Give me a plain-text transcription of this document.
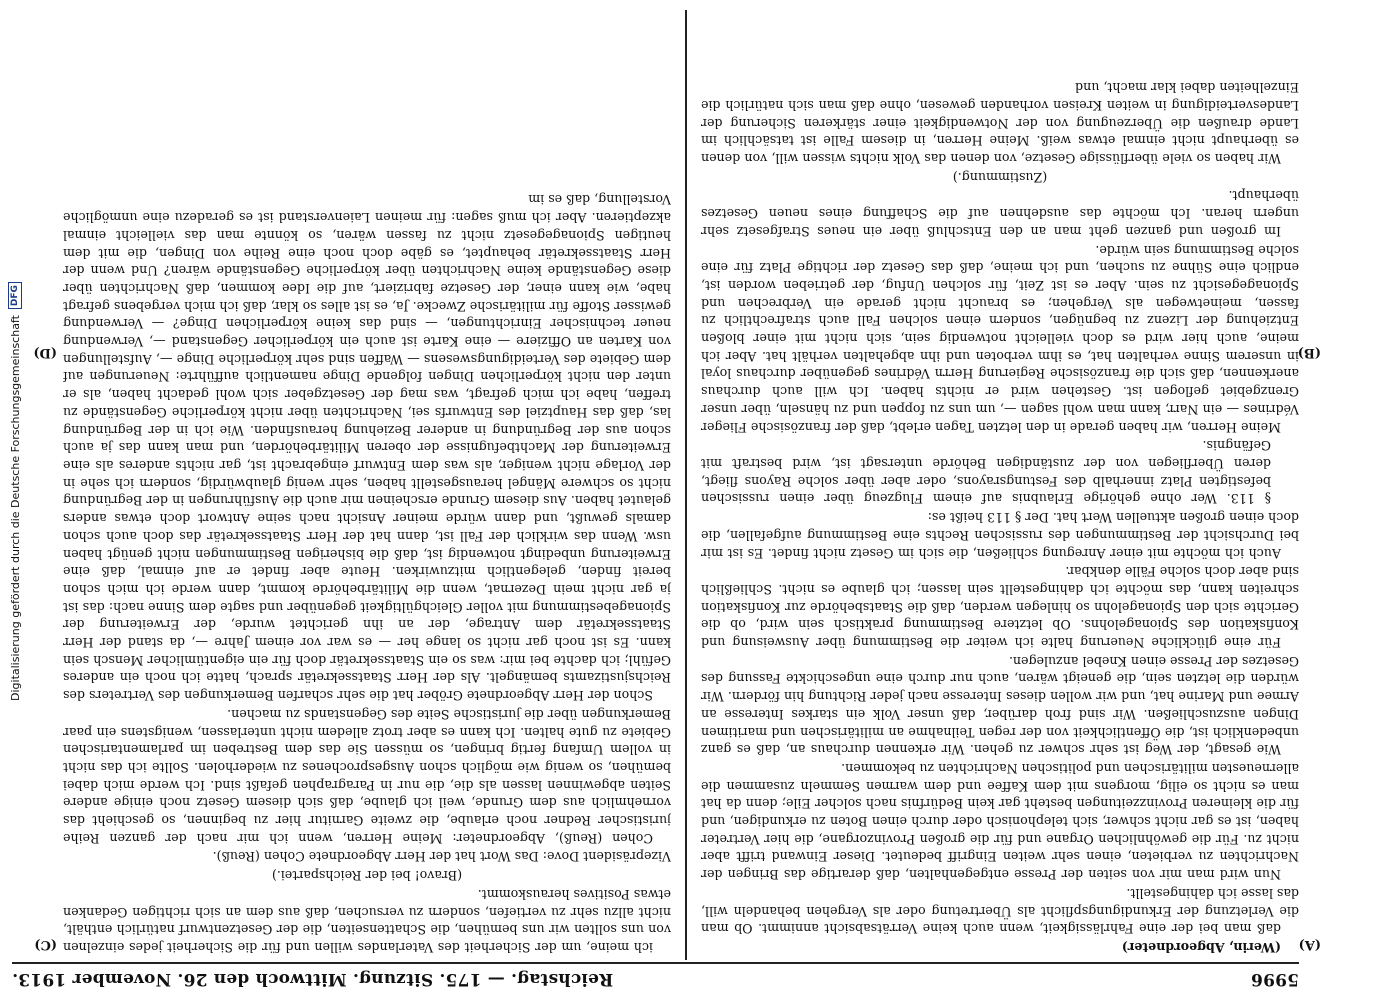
5996
Reichstag. — 175. Sitzung. Mittwoch den 26. November 1913.
(A)
(B)
(C)
(D)

(Werin, Abgeordneter)

daß man bei der eine Fahrlässigkeit, wenn auch keine Verrätsabsicht annimmt. Ob man die Verletzung der Erkundigungspflicht als Übertretung oder als Vergehen behandeln will, das lasse ich dahingestellt.

Nun wird man mir von seiten der Presse entgegenhalten, daß derartige das Bringen der Nachrichten zu verbieten, einen sehr weiten Eingriff bedeutet. Dieser Einwand trifft aber nicht zu. Für die gewöhnlichen Organe und für die großen Provinzorgane, die hier Vertreter haben, ist es gar nicht schwer, sich telephonisch oder durch einen Boten zu erkundigen, und für die kleineren Provinzzeitungen besteht gar kein Bedürfnis nach solcher Eile; denn da hat man es nicht so eilig, morgens mit dem Kaffee und dem warmen Semmeln zusammen die allerneuesten militärischen und politischen Nachrichten zu bekommen.

Wie gesagt, der Weg ist sehr schwer zu gehen. Wir erkennen durchaus an, daß es ganz unbedenklich ist, die Öffentlichkeit von der regen Teilnahme an militärischen und maritimen Dingen auszuschließen. Wir sind froh darüber, daß unser Volk ein starkes Interesse an Armee und Marine hat, und wir wollen dieses Interesse nach jeder Richtung hin fördern. Wir würden die letzten sein, die geneigt wären, auch nur durch eine ungeschickte Fassung des Gesetzes der Presse einen Knebel anzulegen.

Für eine glückliche Neuerung halte ich weiter die Bestimmung über Ausweisung und Konfiskation des Spionagelohns. Ob letztere Bestimmung praktisch sein wird, ob die Gerichte sich den Spionagelohn so hinlegen werden, daß die Staatsbehörde zur Konfiskation schreiten kann, das möchte ich dahingestellt sein lassen; ich glaube es nicht. Schließlich sind aber doch solche Fälle denkbar.

Auch ich möchte mit einer Anregung schließen, die sich im Gesetz nicht findet. Es ist mir bei Durchsicht der Bestimmungen des russischen Rechts eine Bestimmung aufgefallen, die doch einen großen aktuellen Wert hat. Der § 113 heißt es:

§ 113. Wer ohne gehörige Erlaubnis auf einem Flugzeug über einen russischen befestigten Platz innerhalb des Festungsrayons, oder aber über solche Rayons fliegt, deren Überfliegen von der zuständigen Behörde untersagt ist, wird bestraft mit Gefängnis.

Meine Herren, wir haben gerade in den letzten Tagen erlebt, daß der französische Flieger Védrines — ein Narr, kann man wohl sagen —, um uns zu foppen und zu hänseln, über unser Grenzgebiet geflogen ist. Gestehen wird er nichts haben. Ich will auch durchaus anerkennen, daß sich die französische Regierung Herrn Védrines gegenüber durchaus loyal in unserem Sinne verhalten hat, es ihm verboten und ihn abgehalten verhält hat. Aber ich meine, auch hier wird es doch vielleicht notwendig sein, sich nicht mit einer bloßen Entziehung der Lizenz zu begnügen, sondern einen solchen Fall auch strafrechtlich zu fassen, meinetwegen als Vergehen; es braucht nicht gerade ein Verbrechen und Spionagegesicht zu sein. Aber es ist Zeit, für solchen Unfug, der getrieben worden ist, endlich eine Sühne zu suchen, und ich meine, daß das Gesetz der richtige Platz für eine solche Bestimmung sein würde.

Im großen und ganzen geht man an den Entschluß über ein neues Strafgesetz sehr ungern heran. Ich möchte das ausdehnen auf die Schaffung eines neuen Gesetzes überhaupt.

(Zustimmung.)

Wir haben so viele überflüssige Gesetze, von denen das Volk nichts wissen will, von denen es überhaupt nicht einmal etwas weiß. Meine Herren, in diesem Falle ist tatsächlich im Lande draußen die Überzeugung von der Notwendigkeit einer stärkeren Sicherung der Landesverteidigung in weiten Kreisen vorhanden gewesen, ohne daß man sich natürlich die Einzelheiten dabei klar macht, und

ich meine, um der Sicherheit des Vaterlandes willen und für die Sicherheit jedes einzelnen von uns sollten wir uns bemühen, die Schattenseiten, die der Gesetzentwurf natürlich enthält, nicht allzu sehr zu vertiefen, sondern zu versuchen, daß aus dem an sich richtigen Gedanken etwas Positives herauskommt.

(Bravo! bei der Reichspartei.)

Vizepräsident Dove: Das Wort hat der Herr Abgeordnete Cohen (Reuß).

Cohen (Reuß), Abgeordneter: Meine Herren, wenn ich mir nach der ganzen Reihe juristischer Redner noch erlaube, die zweite Garnitur hier zu beginnen, so geschieht das vornehmlich aus dem Grunde, weil ich glaube, daß sich diesem Gesetz noch einige andere Seiten abgewinnen lassen als die, die nur in Paragraphen gefaßt sind. Ich werde mich dabei bemühen, so wenig wie möglich schon Ausgesprochenes zu wiederholen. Sollte ich das nicht in vollem Umfang fertig bringen, so müssen Sie das dem Bestreben im parlamentarischen Gebiete zu gute halten. Ich kann es aber trotz alledem nicht unterlassen, wenigstens ein paar Bemerkungen über die juristische Seite des Gegenstands zu machen.

Schon der Herr Abgeordnete Gröber hat die sehr scharfen Bemerkungen des Vertreters des Reichsjustizamts bemängelt. Als der Herr Staatssekretär sprach, hatte ich noch ein anderes Gefühl; ich dachte bei mir: was so ein Staatssekretär doch für ein eigentümlicher Mensch sein kann. Es ist noch gar nicht so lange her — es war vor einem Jahre —, da stand der Herr Staatssekretär dem Antrage, der an ihn gerichtet wurde, der Erweiterung der Spionagebestimmung mit voller Gleichgültigkeit gegenüber und sagte dem Sinne nach: das ist ja gar nicht mein Dezernat, wenn die Militärbehörde kommt, dann werde ich mich schon bereit finden, gelegentlich mitzuwirken. Heute aber findet er auf einmal, daß eine Erweiterung unbedingt notwendig ist, daß die bisherigen Bestimmungen nicht genügt haben usw. Wenn das wirklich der Fall ist, dann hat der Herr Staatssekretär das doch auch schon damals gewußt, und dann würde meiner Ansicht nach seine Antwort doch etwas anders gelautet haben. Aus diesem Grunde erscheinen mir auch die Ausführungen in der Begründung nicht so schwere Mängel herausgestellt haben, sehr wenig glaubwürdig, sondern ich sehe in der Vorlage nicht weniger, als was dem Entwurf eingebracht ist, gar nichts anderes als eine Erweiterung der Machtbefugnisse der oberen Militärbehörden, und man kann das ja auch schon aus der Begründung in anderer Beziehung herausfinden. Wie ich in der Begründung las, daß das Hauptziel des Entwurfs sei, Nachrichten über nicht körperliche Gegenstände zu treffen, habe ich mich gefragt, was mag der Gesetzgeber sich wohl gedacht haben, als er unter den nicht körperlichen Dingen folgende Dinge namentlich aufführte: Neuerungen auf dem Gebiete des Verteidigungswesens — Waffen sind sehr körperliche Dinge —, Aufstellungen von Karten an Offiziere — eine Karte ist auch ein körperlicher Gegenstand —, Verwendung neuer technischer Einrichtungen, — sind das keine körperlichen Dinge? — Verwendung gewisser Stoffe für militärische Zwecke. Ja, es ist alles so klar, daß ich mich vergebens gefragt habe, wie kann einer, der Gesetze fabriziert, auf die Idee kommen, daß Nachrichten über diese Gegenstände keine Nachrichten über körperliche Gegenstände wären? Und wenn der Herr Staatssekretär behauptet, es gäbe doch noch eine Reihe von Dingen, die mit dem heutigen Spionagegesetz nicht zu fassen wären, so könnte man das vielleicht einmal akzeptieren. Aber ich muß sagen: für meinen Laienverstand ist es geradezu eine unmögliche Vorstellung, daß es im

Digitalisierung gefördert durch die Deutsche Forschungsgemeinschaft
DFG
